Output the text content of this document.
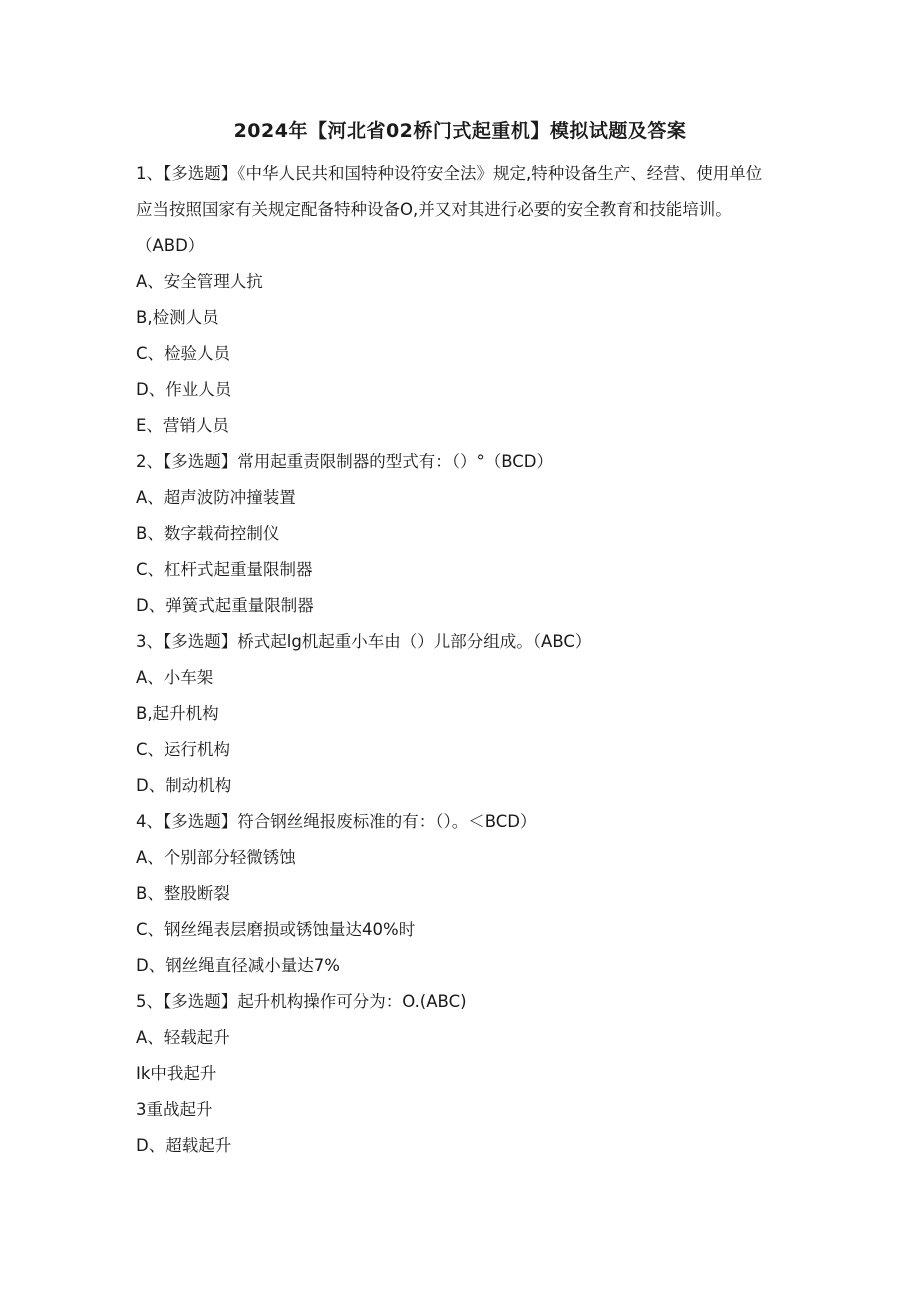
2024年【河北省02桥门式起重机】模拟试题及答案
1、【多选题】《中华人民共和国特种设符安全法》规定,特种设备生产、经营、使用单位应当按照国家有关规定配备特种设备O,并又对其进行必要的安全教育和技能培训。（ABD）
A、安全管理人抗
B,检测人员
C、检验人员
D、作业人员
E、营销人员
2、【多选题】常用起重责限制器的型式有：（）°（BCD）
A、超声波防冲撞装置
B、数字载荷控制仪
C、杠杆式起重量限制器
D、弹簧式起重量限制器
3、【多选题】桥式起lg机起重小车由（）儿部分组成。（ABC）
A、小车架
B,起升机构
C、运行机构
D、制动机构
4、【多选题】符合钢丝绳报废标准的有：（）。＜BCD）
A、个别部分轻微锈蚀
B、整股断裂
C、钢丝绳表层磨损或锈蚀量达40%时
D、钢丝绳直径减小量达7%
5、【多选题】起升机构操作可分为：O.(ABC)
A、轻载起升
Ik中我起升
3重战起升
D、超载起升
